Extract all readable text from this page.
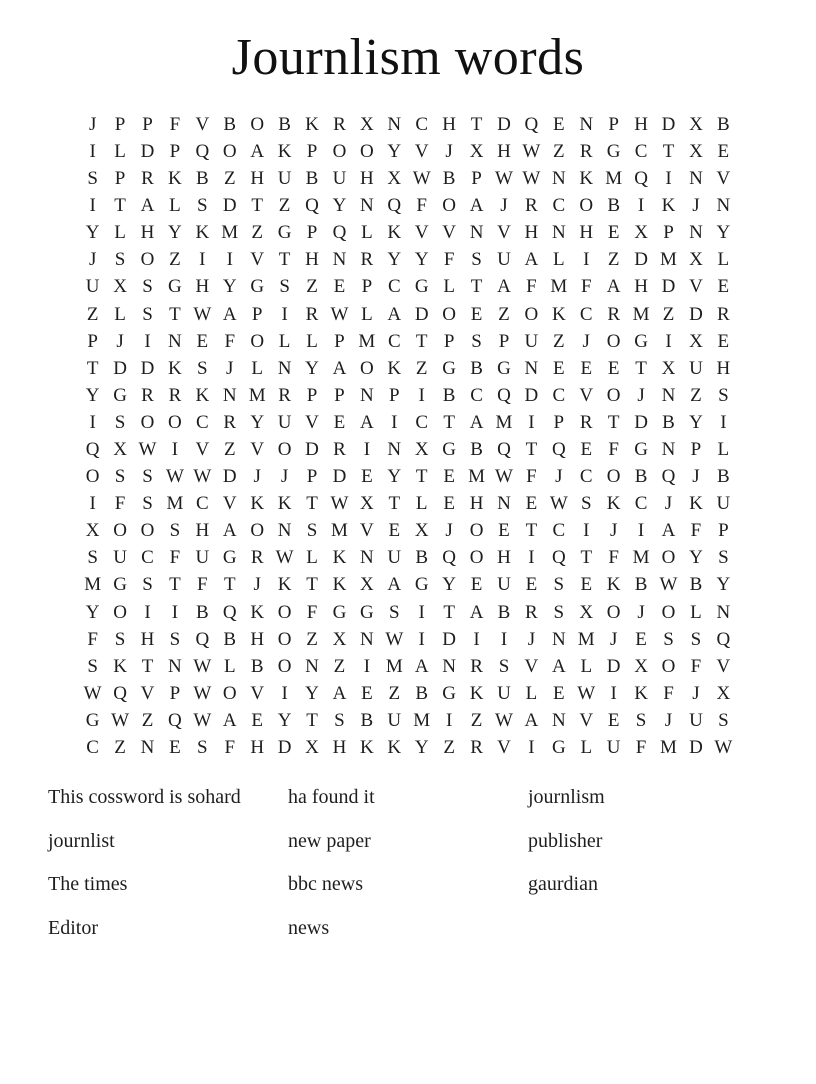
Journlism words
J P P F V B O B K R X N C H T D Q E N P H D X B
I L D P Q O A K P O O Y V J X H W Z R G C T X E
S P R K B Z H U B U H X W B P W W N K M Q I N V
I T A L S D T Z Q Y N Q F O A J R C O B I K J N
Y L H Y K M Z G P Q L K V V N V H N H E X P N Y
J S O Z I	I V T H N R Y Y F S U A L I Z D M X L
U X S G H Y G S Z E P C G L T A F M F A H D V E
Z L S T W A P I R W L A D O E Z O K C R M Z D R
P J	I N E F O L L P M C T P S P U Z J O G I X E
T D D K S J L N Y A O K Z G B G N E E E T X U H
Y G R R K N M R P P N P I B C Q D C V O J N Z S
I S O O C R Y U V E A I C T A M I P R T D B Y I
Q X W I V Z V O D R I N X G B Q T Q E F G N P L
O S S W W D J	J P D E Y T E M W F J C O B Q J B
I F S M C V K K T W X T L E H N E W S K C J K U
X O O S H A O N S M V E X J O E T C I	J	I A F P
S U C F U G R W L K N U B Q O H I Q T F M O Y S
M G S T F T J K T K X A G Y E U E S E K B W B Y
Y O I	I B Q K O F G G S I T A B R S X O J O L N
F S H S Q B H O Z X N W I D I	I	J N M J E S S Q
S K T N W L B O N Z I M A N R S V A L D X O F V
W Q V P W O V I Y A E Z B G K U L E W I K F J X
G W Z Q W A E Y T S B U M I Z W A N V E S J U S
C Z N E S F H D X H K K Y Z R V I G L U F M D W
This cossword is sohard
journlist
The times
Editor
ha found it
new paper
bbc news
news
journlism
publisher
gaurdian
